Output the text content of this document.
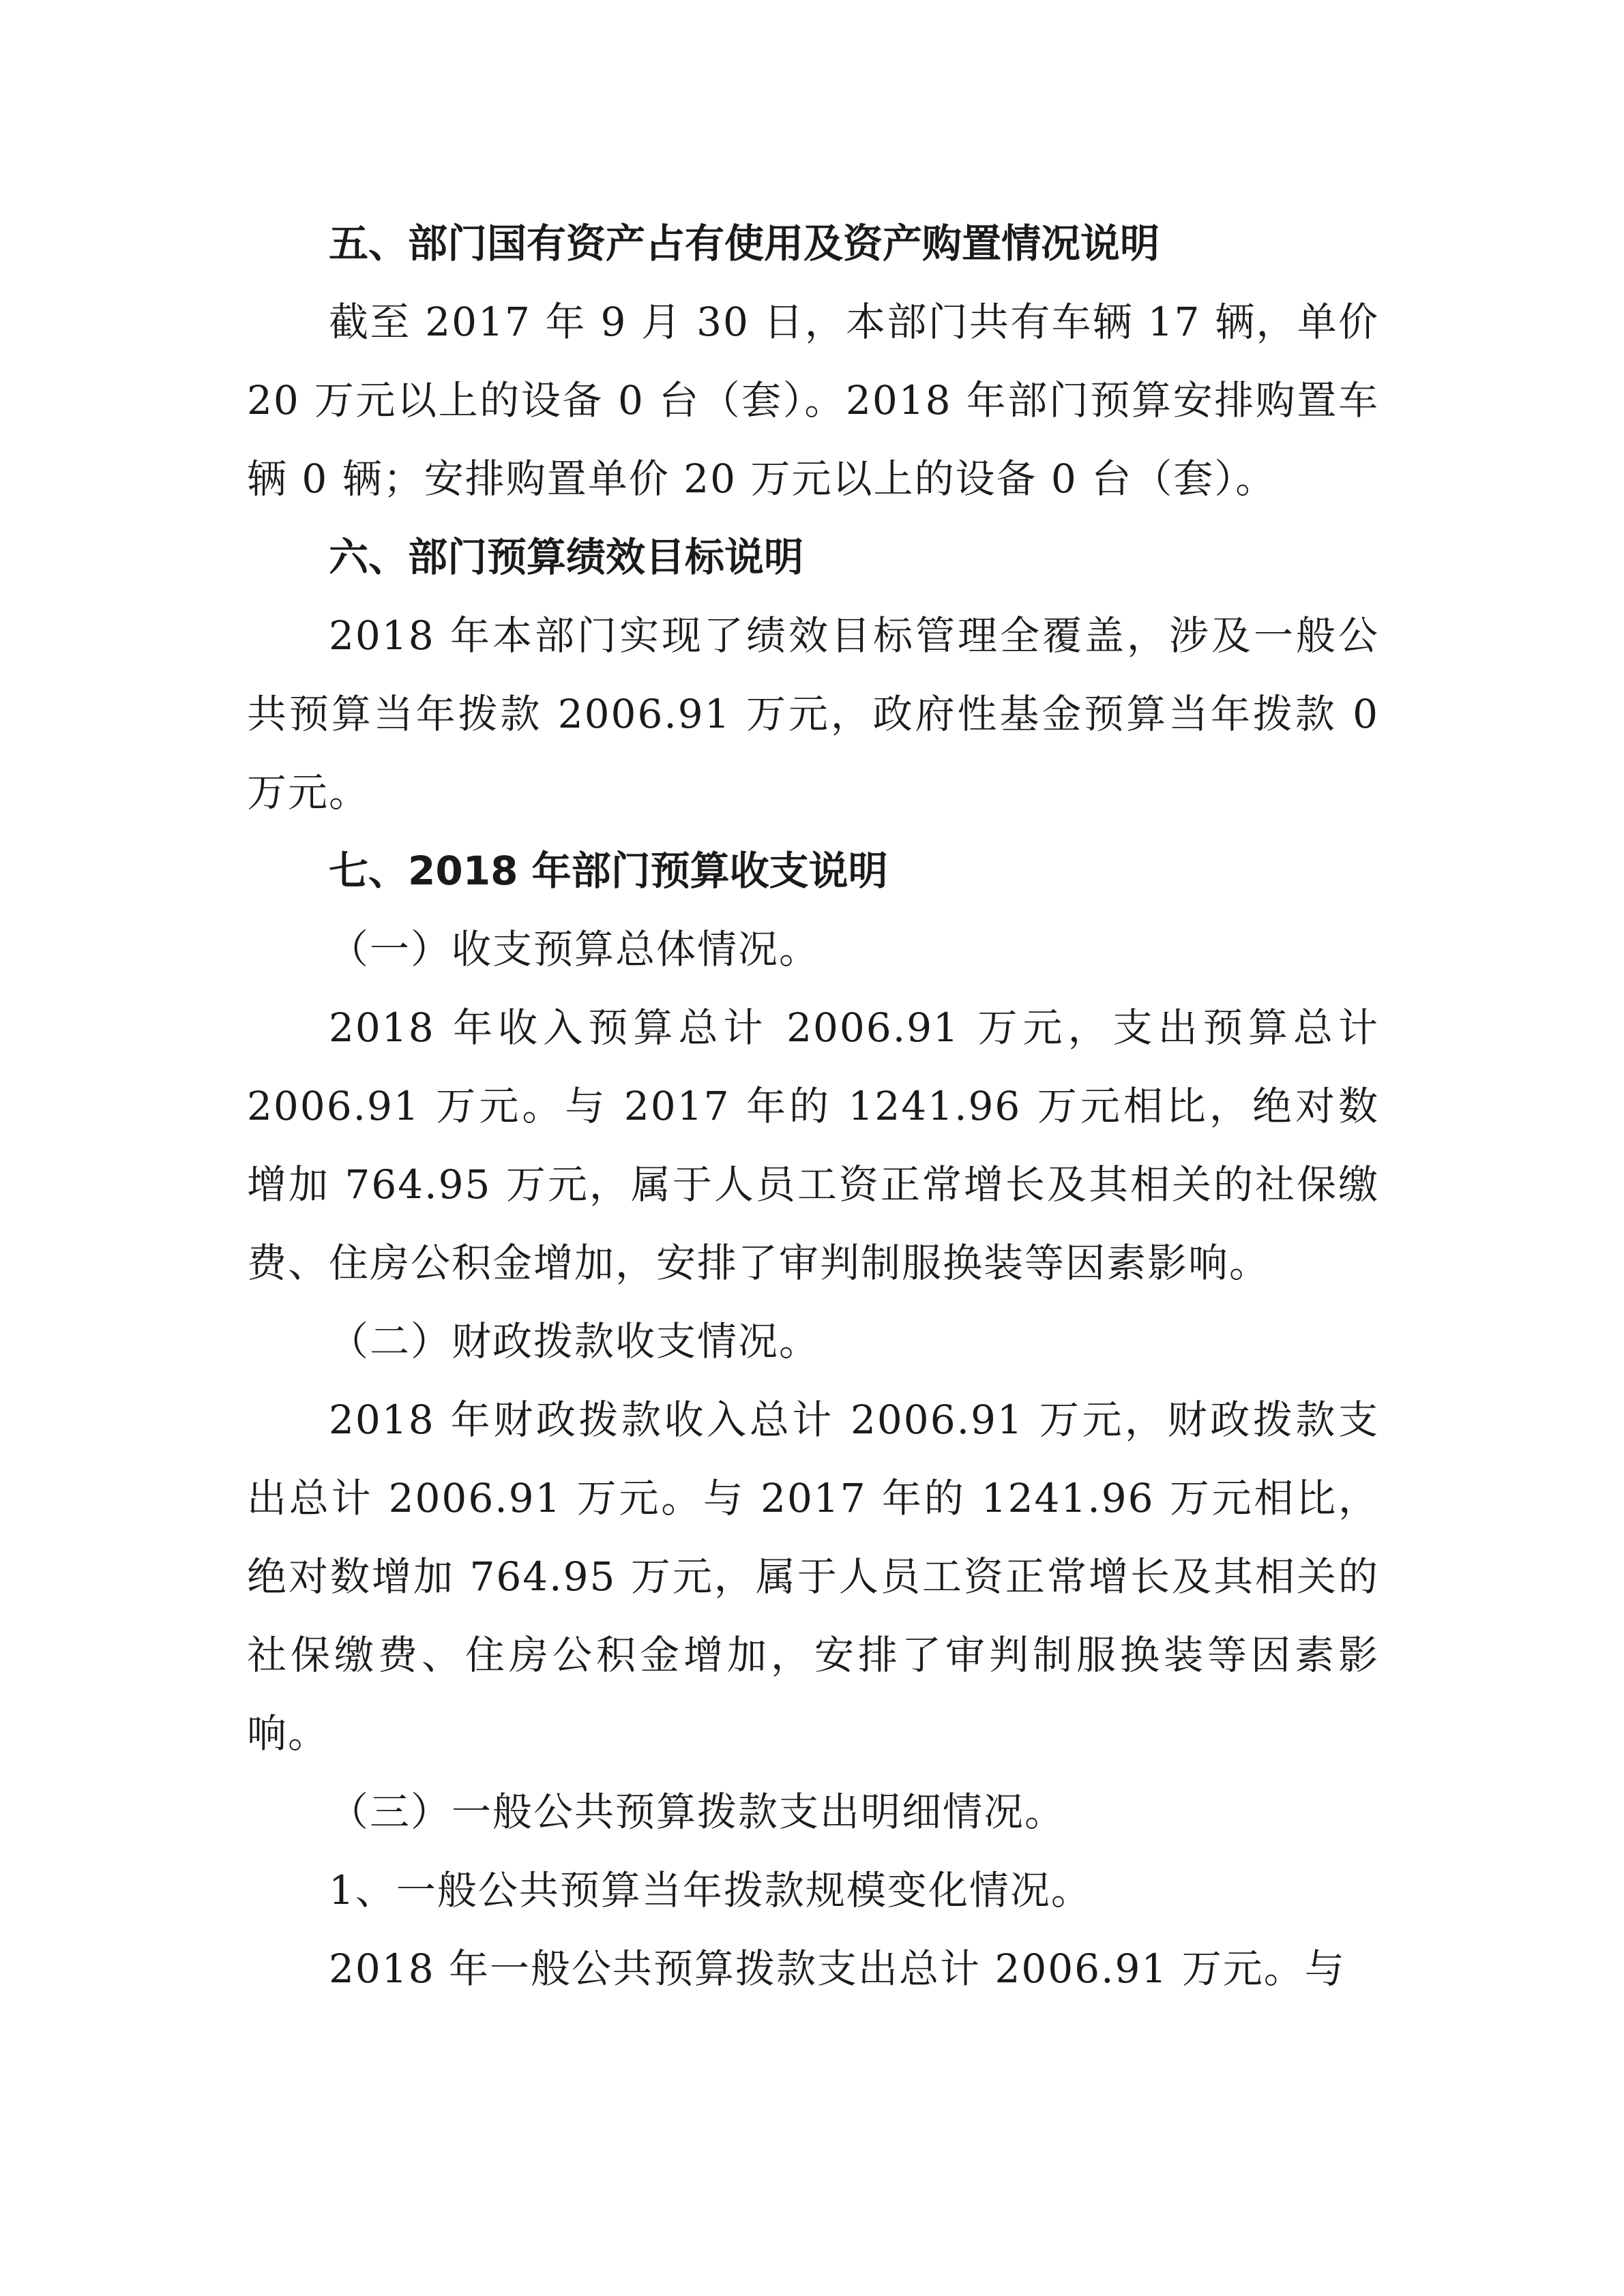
五、部门国有资产占有使用及资产购置情况说明

截至 2017 年 9 月 30 日，本部门共有车辆 17 辆，单价 20 万元以上的设备 0 台（套）。2018 年部门预算安排购置车辆 0 辆；安排购置单价 20 万元以上的设备 0 台（套）。

六、部门预算绩效目标说明

2018 年本部门实现了绩效目标管理全覆盖，涉及一般公共预算当年拨款 2006.91 万元，政府性基金预算当年拨款 0 万元。

七、2018 年部门预算收支说明

（一）收支预算总体情况。

2018 年收入预算总计 2006.91 万元，支出预算总计 2006.91 万元。与 2017 年的 1241.96 万元相比，绝对数增加 764.95 万元，属于人员工资正常增长及其相关的社保缴费、住房公积金增加，安排了审判制服换装等因素影响。

（二）财政拨款收支情况。

2018 年财政拨款收入总计 2006.91 万元，财政拨款支出总计 2006.91 万元。与 2017 年的 1241.96 万元相比，绝对数增加 764.95 万元，属于人员工资正常增长及其相关的社保缴费、住房公积金增加，安排了审判制服换装等因素影响。

（三）一般公共预算拨款支出明细情况。

1、一般公共预算当年拨款规模变化情况。

2018 年一般公共预算拨款支出总计 2006.91 万元。与
